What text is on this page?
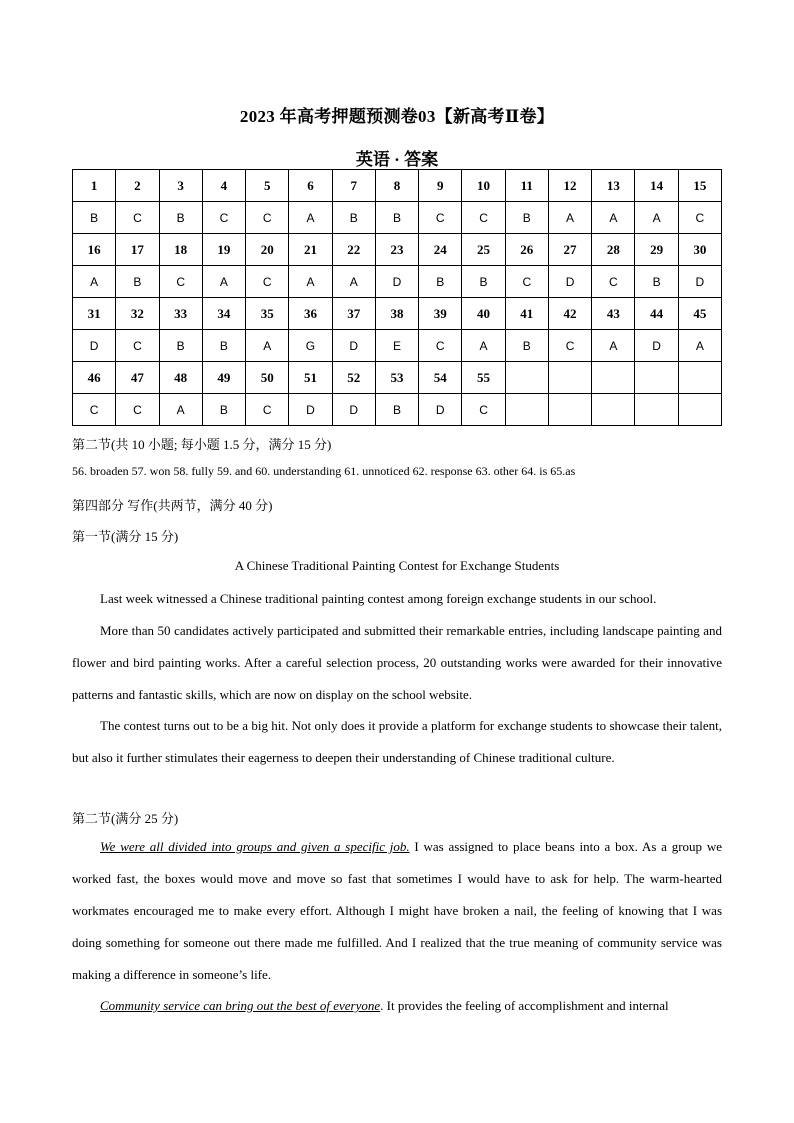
2023 年高考押题预测卷03【新高考Ⅱ卷】
英语 · 答案
1	2	3	4	5	6	7	8	9	10	11	12	13	14	15
B	C	B	C	C	A	B	B	C	C	B	A	A	A	C
16	17	18	19	20	21	22	23	24	25	26	27	28	29	30
A	B	C	A	C	A	A	D	B	B	C	D	C	B	D
31	32	33	34	35	36	37	38	39	40	41	42	43	44	45
D	C	B	B	A	G	D	E	C	A	B	C	A	D	A
46	47	48	49	50	51	52	53	54	55					
C	C	A	B	C	D	D	B	D	C					
第二节(共 10 小题; 每小题 1.5 分，满分 15 分)
56. broaden 57. won 58. fully 59. and 60. understanding 61. unnoticed 62. response 63. other 64. is 65.as
第四部分 写作(共两节，满分 40 分)
第一节(满分 15 分)
A Chinese Traditional Painting Contest for Exchange Students
Last week witnessed a Chinese traditional painting contest among foreign exchange students in our school.
More than 50 candidates actively participated and submitted their remarkable entries, including landscape painting and flower and bird painting works. After a careful selection process, 20 outstanding works were awarded for their innovative patterns and fantastic skills, which are now on display on the school website.
The contest turns out to be a big hit. Not only does it provide a platform for exchange students to showcase their talent, but also it further stimulates their eagerness to deepen their understanding of Chinese traditional culture.
第二节(满分 25 分)
We were all divided into groups and given a specific job. I was assigned to place beans into a box. As a group we worked fast, the boxes would move and move so fast that sometimes I would have to ask for help. The warm-hearted workmates encouraged me to make every effort. Although I might have broken a nail, the feeling of knowing that I was doing something for someone out there made me fulfilled. And I realized that the true meaning of community service was making a difference in someone’s life.
Community service can bring out the best of everyone. It provides the feeling of accomplishment and internal
